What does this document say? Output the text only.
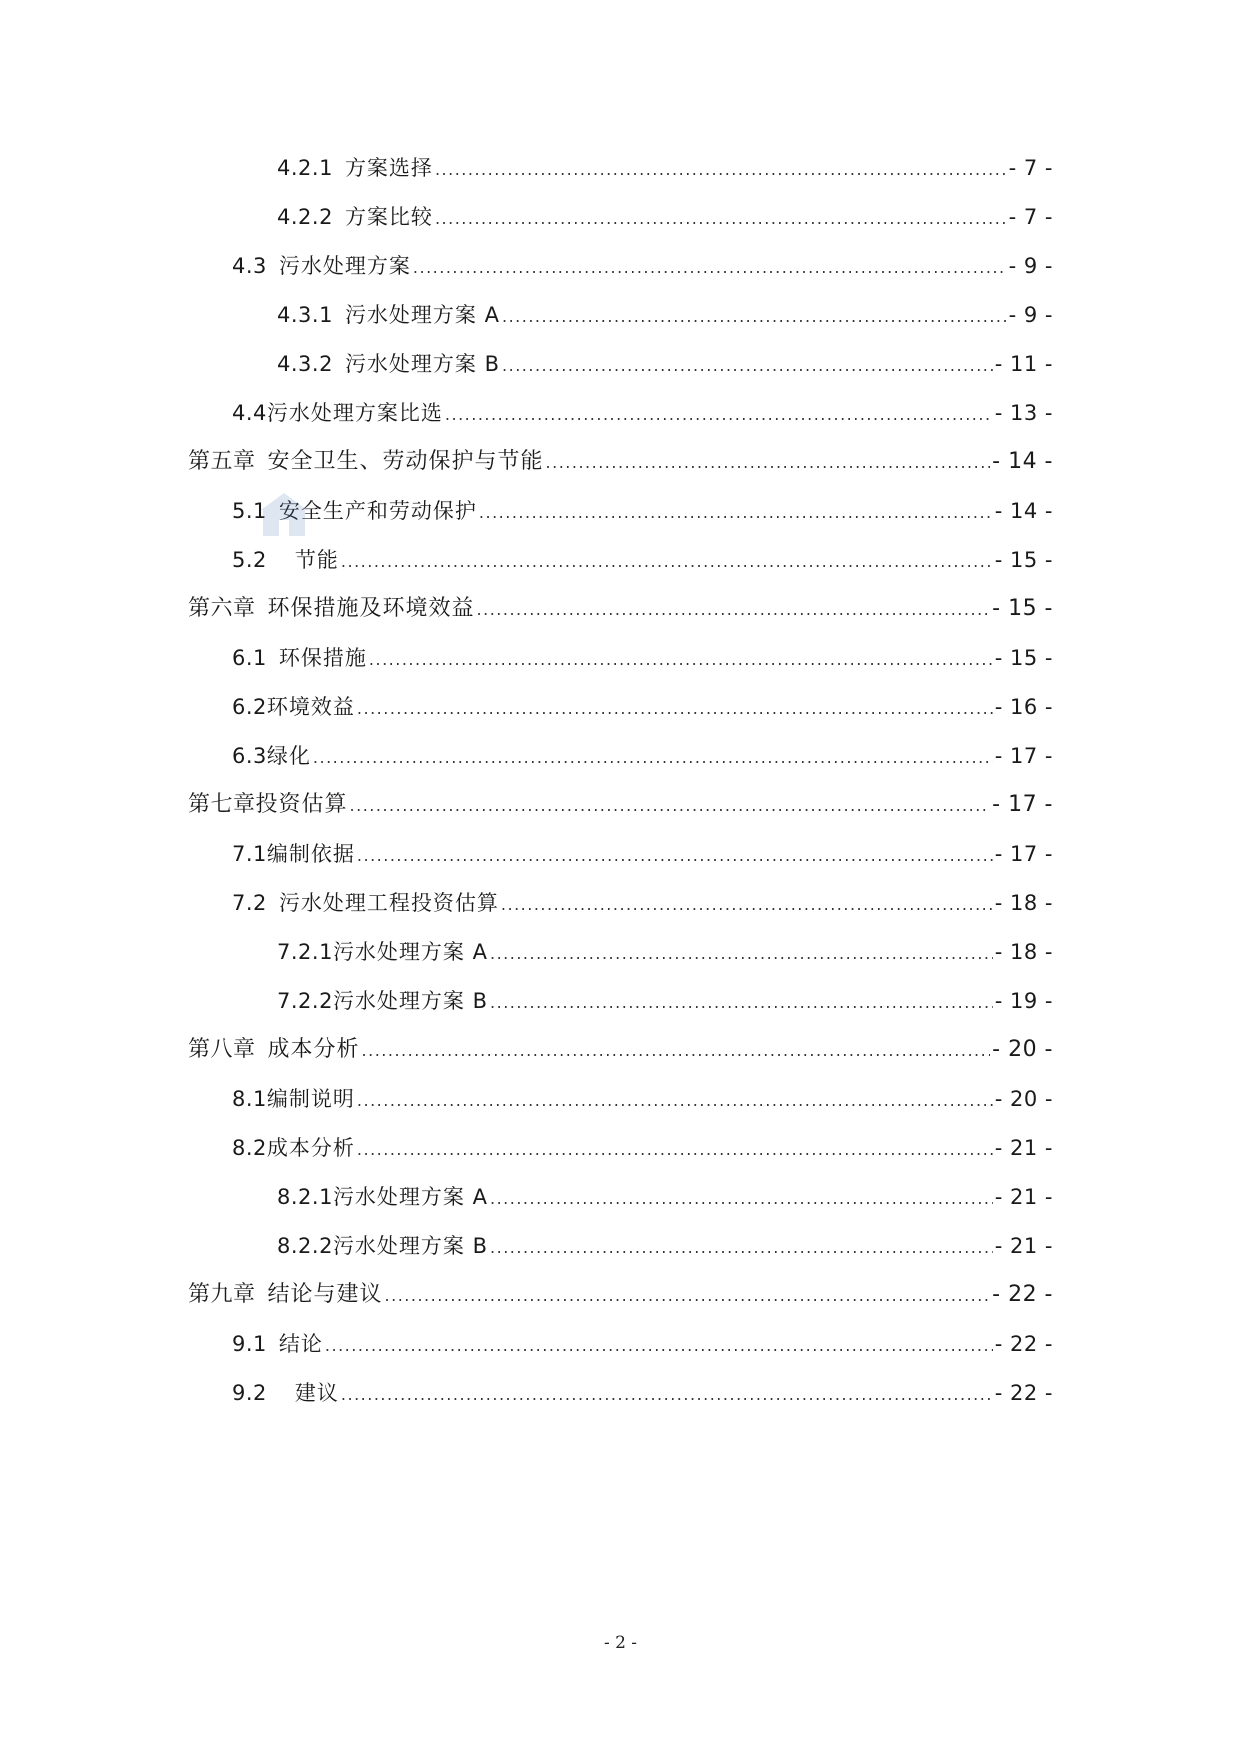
4.2.1 方案选择 .....	- 7 -
4.2.2 方案比较 .....	- 7 -
4.3 污水处理方案 .....	- 9 -
4.3.1 污水处理方案 A .....	- 9 -
4.3.2 污水处理方案 B .....	- 11 -
4.4 污水处理方案比选 .....	- 13 -
第五章 安全卫生、劳动保护与节能 .....	- 14 -
5.1 安全生产和劳动保护 .....	- 14 -
5.2	节能 .....	- 15 -
第六章 环保措施及环境效益 .....	- 15 -
6.1 环保措施 .....	- 15 -
6.2 环境效益 .....	- 16 -
6.3 绿化 .....	- 17 -
第七章 投资估算 .....	- 17 -
7.1 编制依据 .....	- 17 -
7.2 污水处理工程投资估算 .....	- 18 -
7.2.1 污水处理方案 A .....	- 18 -
7.2.2 污水处理方案 B .....	- 19 -
第八章 成本分析 .....	- 20 -
8.1 编制说明 .....	- 20 -
8.2 成本分析 .....	- 21 -
8.2.1 污水处理方案 A .....	- 21 -
8.2.2 污水处理方案 B .....	- 21 -
第九章 结论与建议 .....	- 22 -
9.1 结论 .....	- 22 -
9.2	建议 .....	- 22 -
- 2 -
